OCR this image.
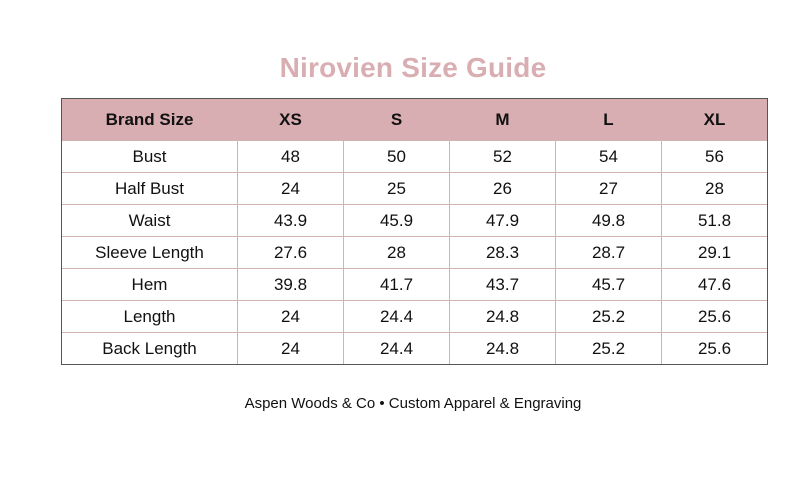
Nirovien Size Guide
Brand Size	XS	S	M	L	XL
Bust	48	50	52	54	56
Half Bust	24	25	26	27	28
Waist	43.9	45.9	47.9	49.8	51.8
Sleeve Length	27.6	28	28.3	28.7	29.1
Hem	39.8	41.7	43.7	45.7	47.6
Length	24	24.4	24.8	25.2	25.6
Back Length	24	24.4	24.8	25.2	25.6
Aspen Woods & Co • Custom Apparel & Engraving
